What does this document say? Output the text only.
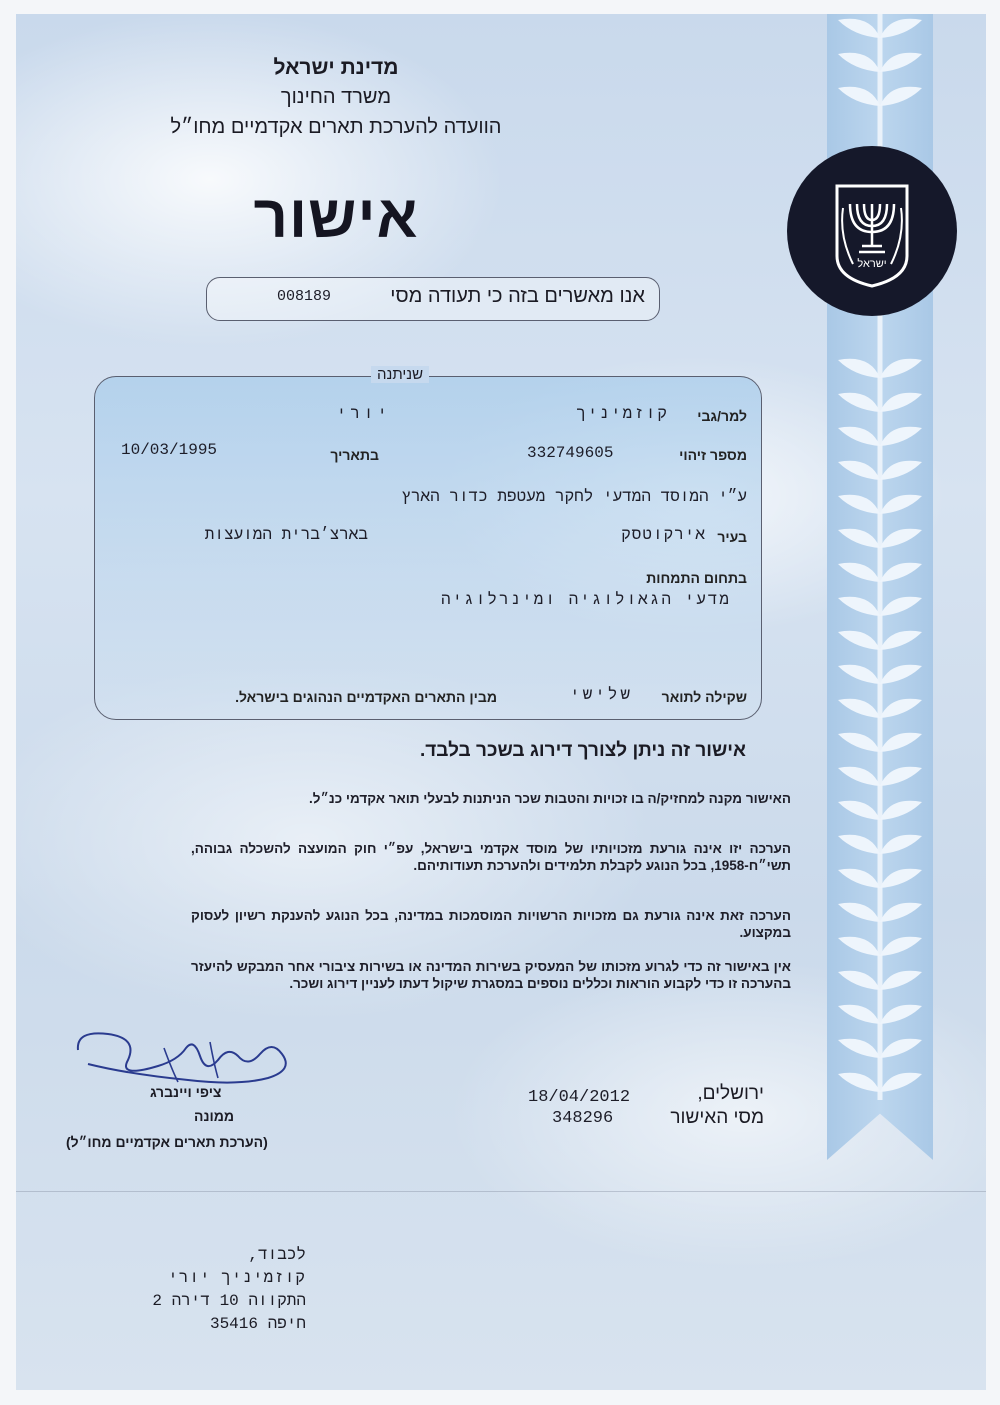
ישראל
מדינת ישראל
משרד החינוך
הוועדה להערכת תארים אקדמיים מחו״ל
אישור
אנו מאשרים בזה כי תעודה מסי
008189
למר/גבי
קוזמיניך
יורי
מספר זיהוי
332749605
בתאריך
10/03/1995
ע״י המוסד המדעי לחקר מעטפת כדור הארץ
בעיר
אירקוטסק
בארצ׳ברית המועצות
בתחום התמחות
מדעי הגאולוגיה ומינרלוגיה
שקילה לתואר
שלישי
מבין התארים האקדמיים הנהוגים בישראל.
שניתנה
אישור זה ניתן לצורך דירוג בשכר בלבד.
האישור מקנה למחזיק/ה בו זכויות והטבות שכר הניתנות לבעלי תואר אקדמי כנ״ל.
הערכה יזו אינה גורעת מזכויותיו של מוסד אקדמי בישראל, עפ״י חוק המועצה להשכלה גבוהה, תשי״ח-1958, בכל הנוגע לקבלת תלמידים ולהערכת תעודותיהם.
הערכה זאת אינה גורעת גם מזכויות הרשויות המוסמכות במדינה, בכל הנוגע להענקת רשיון לעסוק במקצוע.
אין באישור זה כדי לגרוע מזכותו של המעסיק בשירות המדינה או בשירות ציבורי אחר המבקש להיעזר בהערכה זו כדי לקבוע הוראות וכללים נוספים במסגרת שיקול דעתו לעניין דירוג ושכר.
ציפי ויינברג
ממונה
(הערכת תארים אקדמיים מחו״ל)
ירושלים,
18/04/2012
מסי האישור
348296
לכבוד,
קוזמיניך יורי
התקווה 10 דירה 2
חיפה 35416
